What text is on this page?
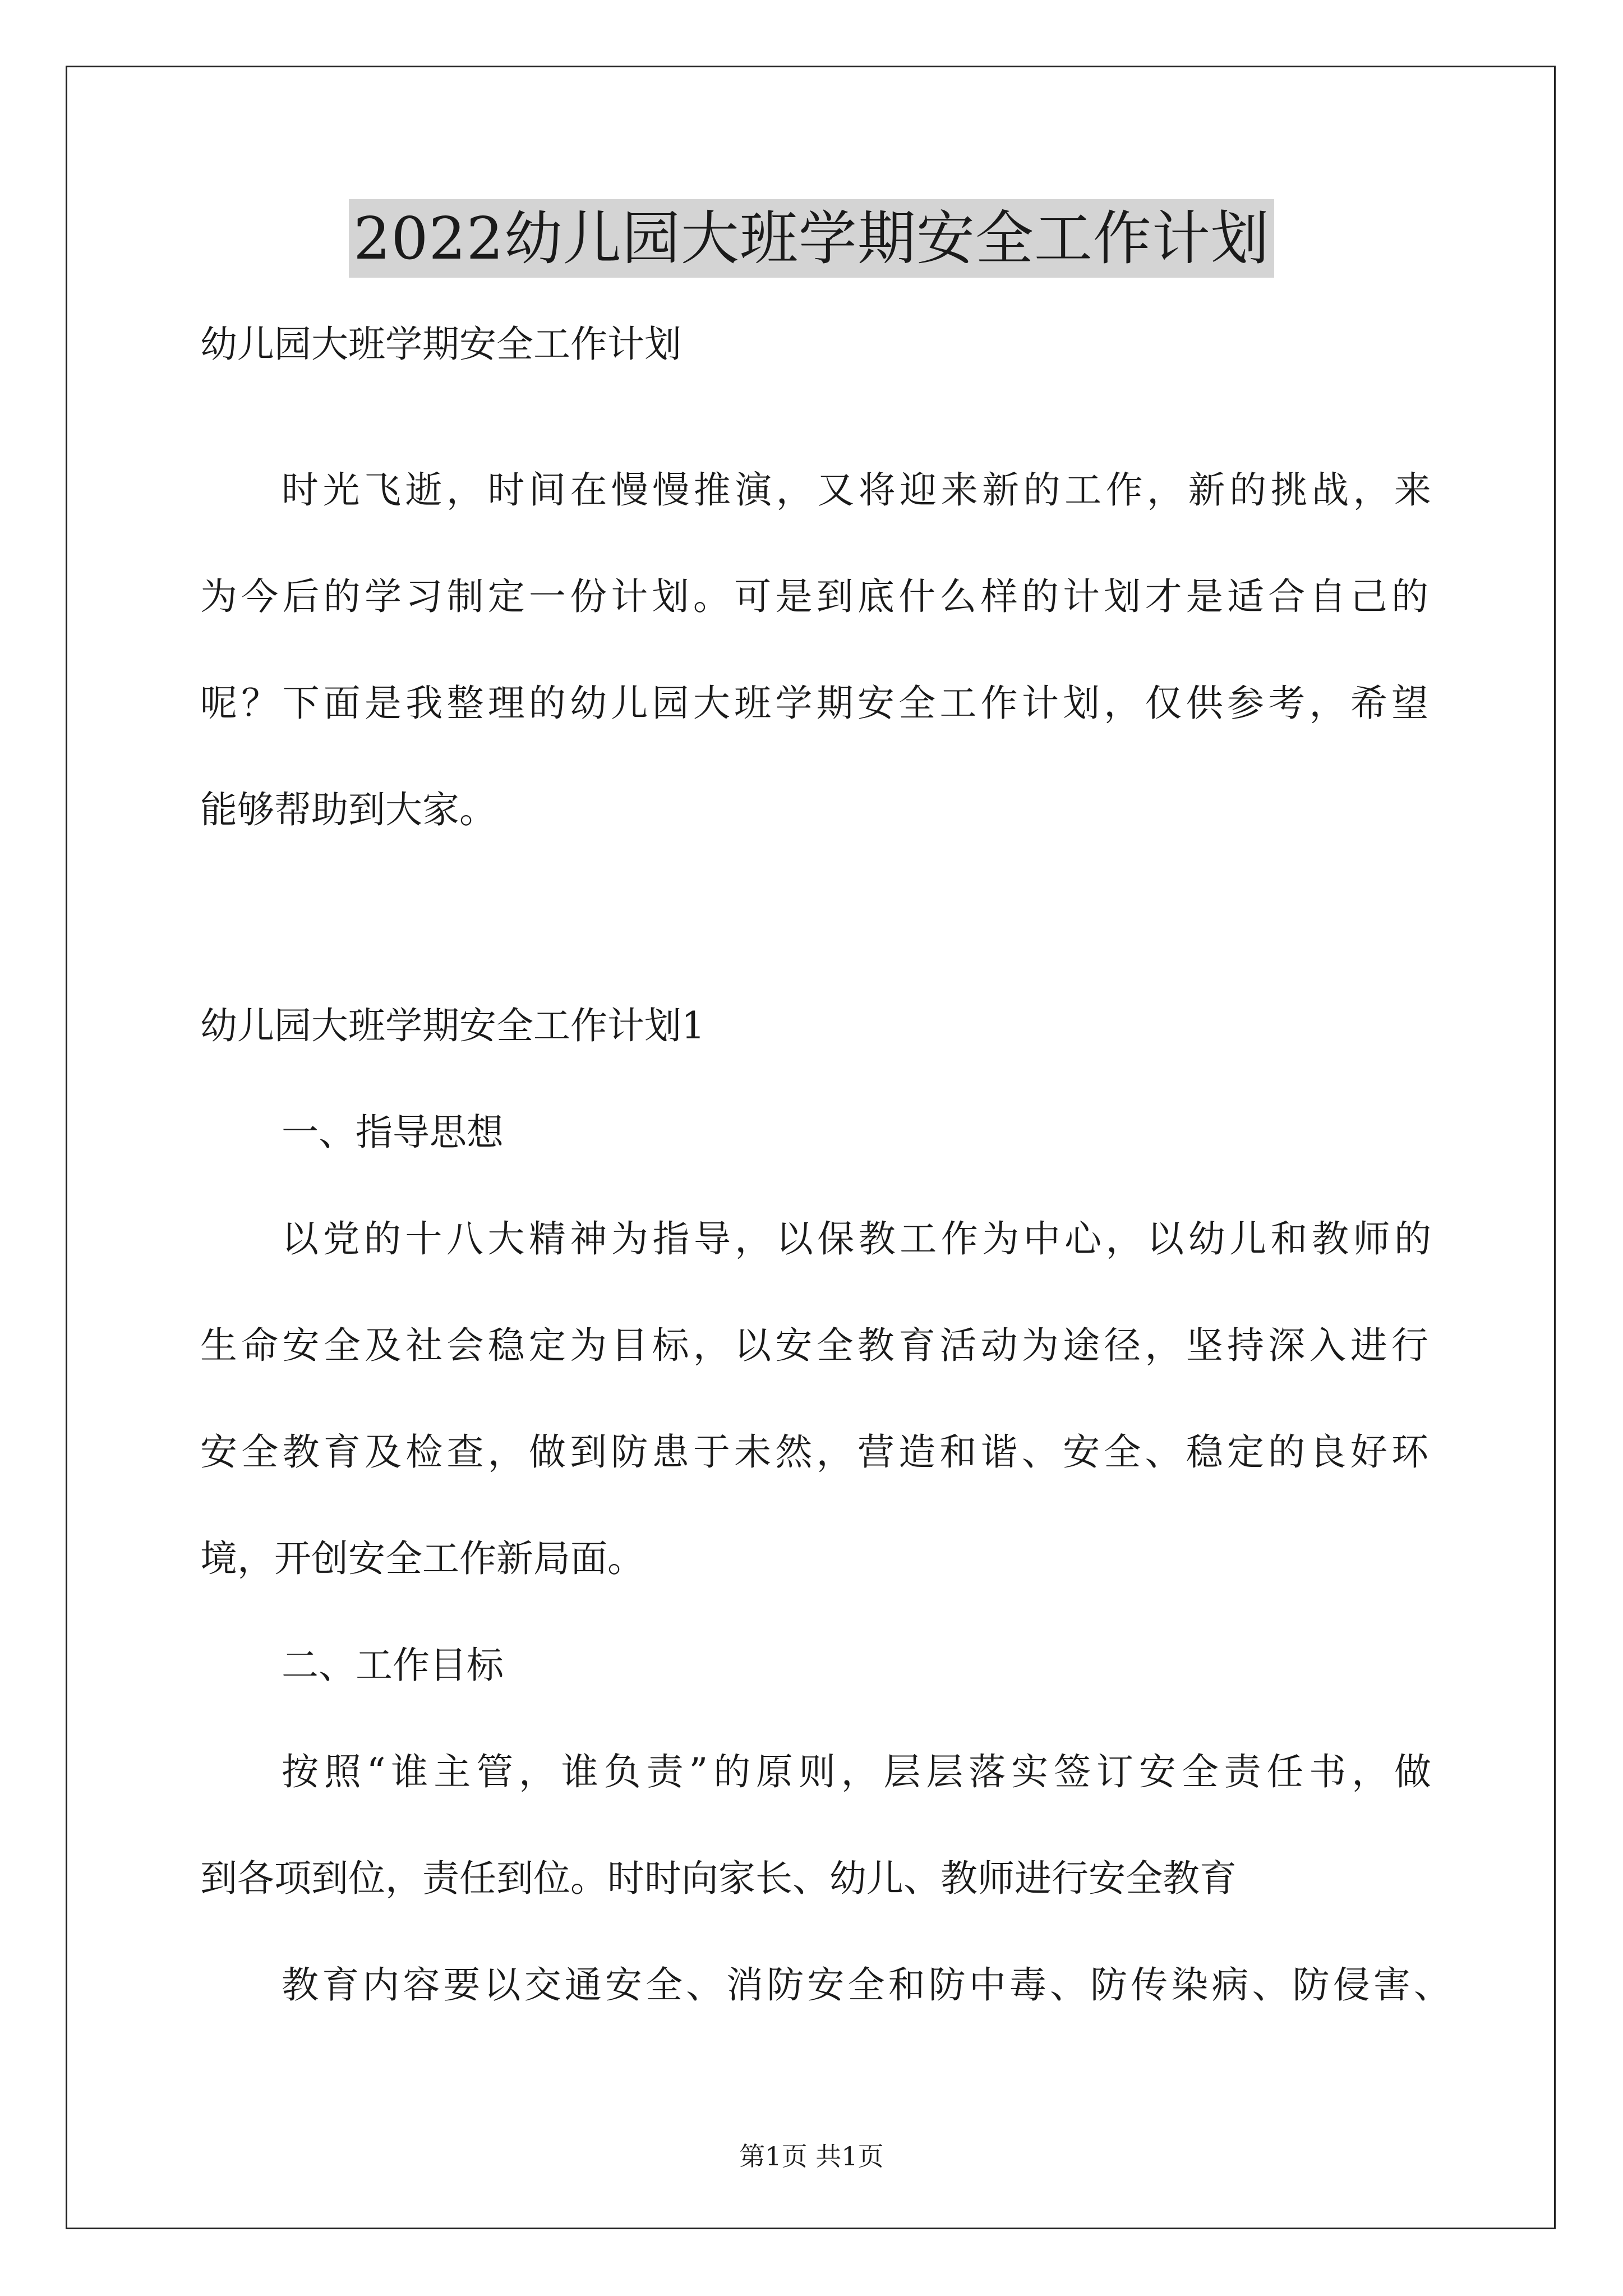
2022幼儿园大班学期安全工作计划
幼儿园大班学期安全工作计划
时光飞逝，时间在慢慢推演，又将迎来新的工作，新的挑战，来
为今后的学习制定一份计划。可是到底什么样的计划才是适合自己的
呢？下面是我整理的幼儿园大班学期安全工作计划，仅供参考，希望
能够帮助到大家。
幼儿园大班学期安全工作计划1
一、指导思想
以党的十八大精神为指导，以保教工作为中心，以幼儿和教师的
生命安全及社会稳定为目标，以安全教育活动为途径，坚持深入进行
安全教育及检查，做到防患于未然，营造和谐、安全、稳定的良好环
境，开创安全工作新局面。
二、工作目标
按照“谁主管，谁负责”的原则，层层落实签订安全责任书，做
到各项到位，责任到位。时时向家长、幼儿、教师进行安全教育
教育内容要以交通安全、消防安全和防中毒、防传染病、防侵害、
第1页 共1页
